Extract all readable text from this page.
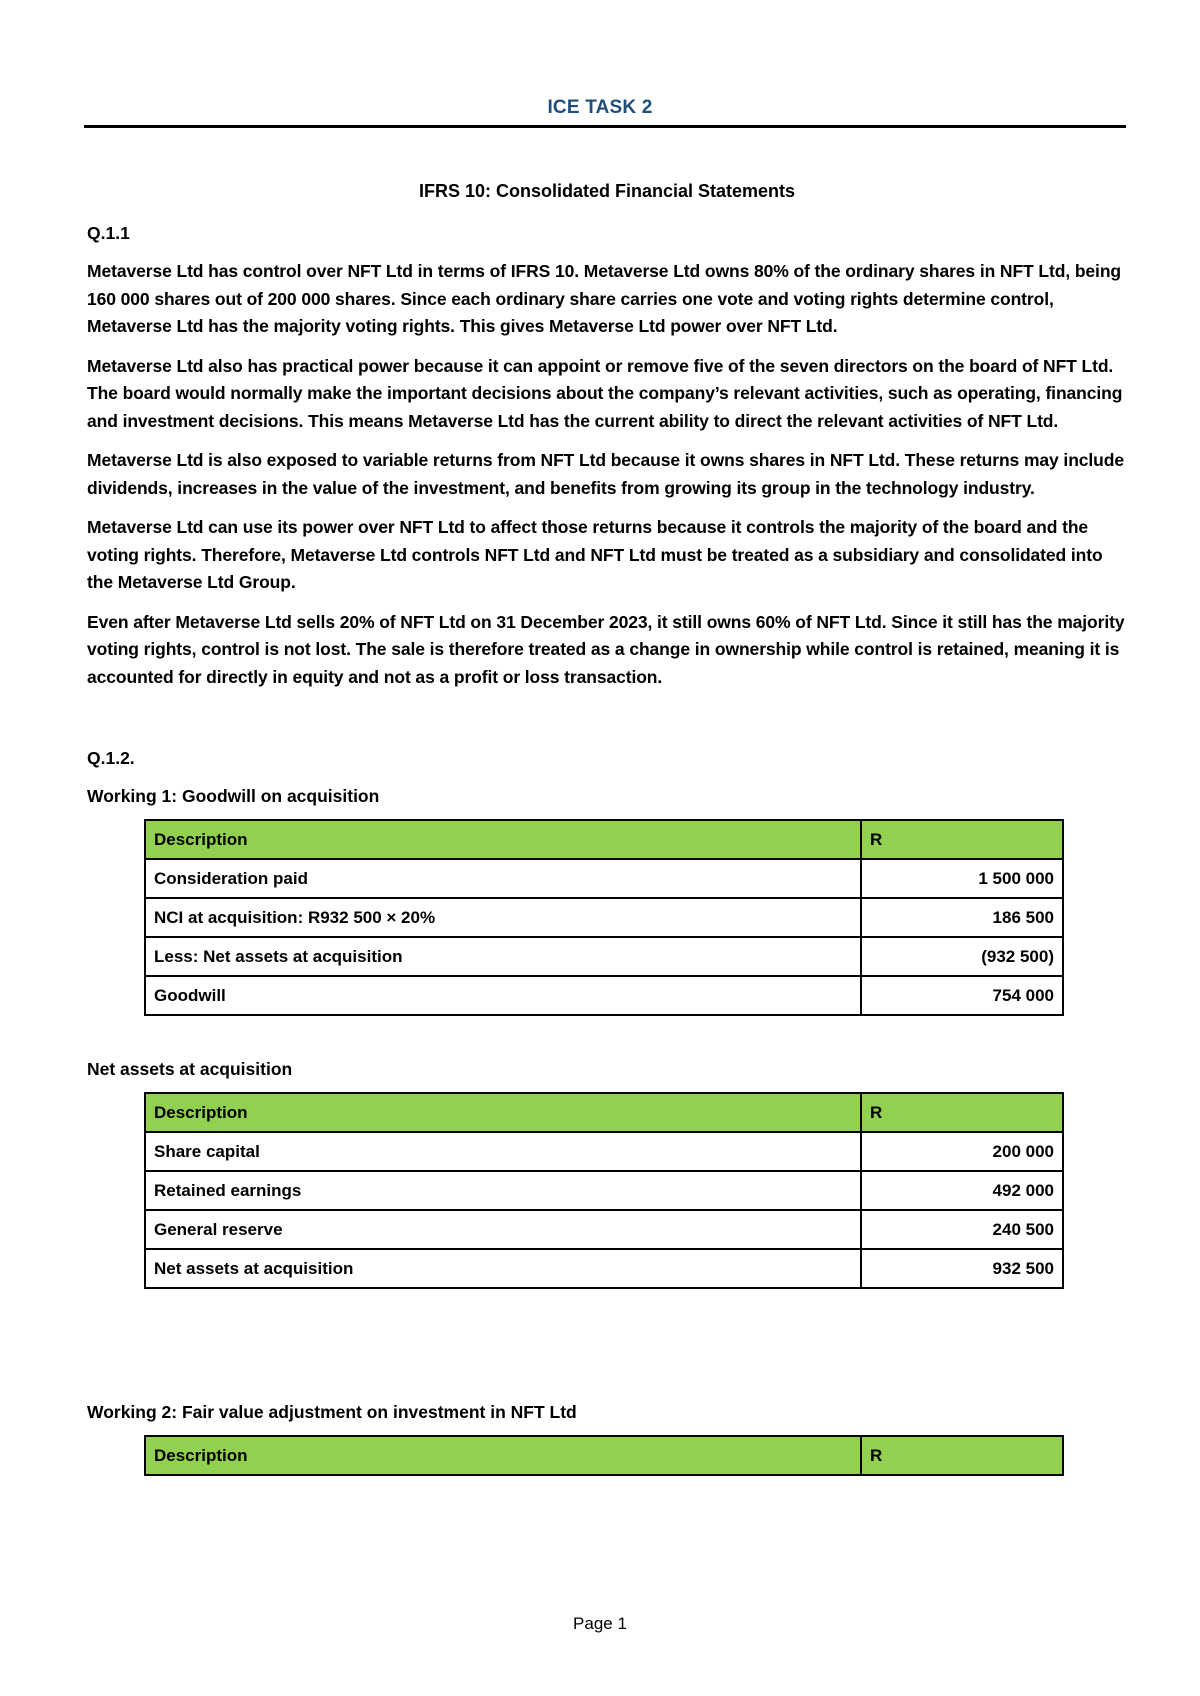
ICE TASK 2
IFRS 10: Consolidated Financial Statements
Q.1.1

Metaverse Ltd has control over NFT Ltd in terms of IFRS 10. Metaverse Ltd owns 80% of the ordinary shares in NFT Ltd, being 160 000 shares out of 200 000 shares. Since each ordinary share carries one vote and voting rights determine control, Metaverse Ltd has the majority voting rights. This gives Metaverse Ltd power over NFT Ltd.

Metaverse Ltd also has practical power because it can appoint or remove five of the seven directors on the board of NFT Ltd. The board would normally make the important decisions about the company’s relevant activities, such as operating, financing and investment decisions. This means Metaverse Ltd has the current ability to direct the relevant activities of NFT Ltd.

Metaverse Ltd is also exposed to variable returns from NFT Ltd because it owns shares in NFT Ltd. These returns may include dividends, increases in the value of the investment, and benefits from growing its group in the technology industry.

Metaverse Ltd can use its power over NFT Ltd to affect those returns because it controls the majority of the board and the voting rights. Therefore, Metaverse Ltd controls NFT Ltd and NFT Ltd must be treated as a subsidiary and consolidated into the Metaverse Ltd Group.

Even after Metaverse Ltd sells 20% of NFT Ltd on 31 December 2023, it still owns 60% of NFT Ltd. Since it still has the majority voting rights, control is not lost. The sale is therefore treated as a change in ownership while control is retained, meaning it is accounted for directly in equity and not as a profit or loss transaction.

Q.1.2.
Working 1: Goodwill on acquisition
Description	R
Consideration paid	1 500 000
NCI at acquisition: R932 500 × 20%	186 500
Less: Net assets at acquisition	(932 500)
Goodwill	754 000
Net assets at acquisition
Description	R
Share capital	200 000
Retained earnings	492 000
General reserve	240 500
Net assets at acquisition	932 500
Working 2: Fair value adjustment on investment in NFT Ltd
Description	R
Page 1
